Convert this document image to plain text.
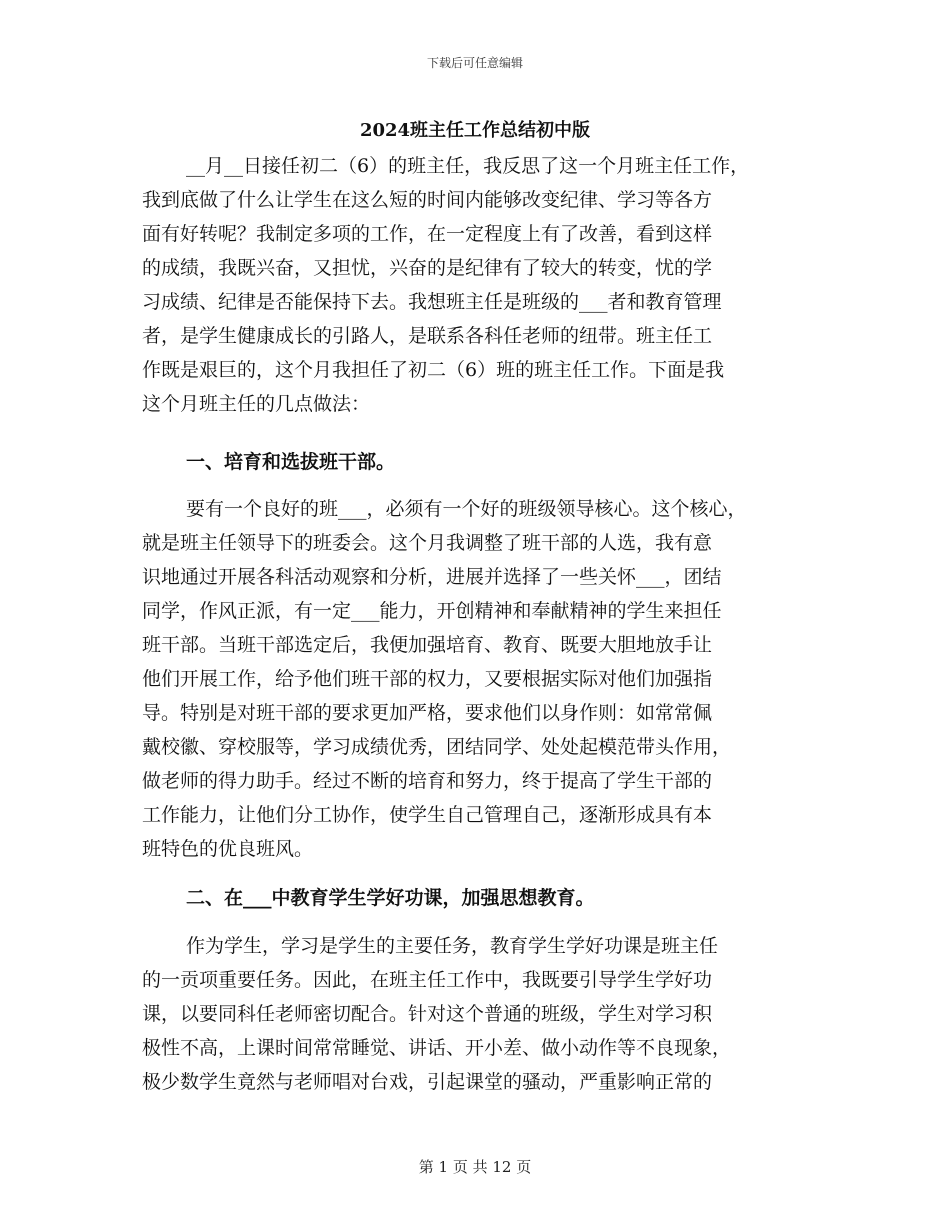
下载后可任意编辑
2024班主任工作总结初中版
__月__日接任初二（6）的班主任，我反思了这一个月班主任工作，
我到底做了什么让学生在这么短的时间内能够改变纪律、学习等各方
面有好转呢？我制定多项的工作，在一定程度上有了改善，看到这样
的成绩，我既兴奋，又担忧，兴奋的是纪律有了较大的转变，忧的学
习成绩、纪律是否能保持下去。我想班主任是班级的___者和教育管理
者，是学生健康成长的引路人，是联系各科任老师的纽带。班主任工
作既是艰巨的，这个月我担任了初二（6）班的班主任工作。下面是我
这个月班主任的几点做法：
一、培育和选拔班干部。
要有一个良好的班___，必须有一个好的班级领导核心。这个核心，
就是班主任领导下的班委会。这个月我调整了班干部的人选，我有意
识地通过开展各科活动观察和分析，进展并选择了一些关怀___，团结
同学，作风正派，有一定___能力，开创精神和奉献精神的学生来担任
班干部。当班干部选定后，我便加强培育、教育、既要大胆地放手让
他们开展工作，给予他们班干部的权力，又要根据实际对他们加强指
导。特别是对班干部的要求更加严格，要求他们以身作则：如常常佩
戴校徽、穿校服等，学习成绩优秀，团结同学、处处起模范带头作用，
做老师的得力助手。经过不断的培育和努力，终于提高了学生干部的
工作能力，让他们分工协作，使学生自己管理自己，逐渐形成具有本
班特色的优良班风。
二、在___中教育学生学好功课，加强思想教育。
作为学生，学习是学生的主要任务，教育学生学好功课是班主任
的一贡项重要任务。因此，在班主任工作中，我既要引导学生学好功
课，以要同科任老师密切配合。针对这个普通的班级，学生对学习积
极性不高，上课时间常常睡觉、讲话、开小差、做小动作等不良现象，
极少数学生竟然与老师唱对台戏，引起课堂的骚动，严重影响正常的
第 1 页 共 12 页
